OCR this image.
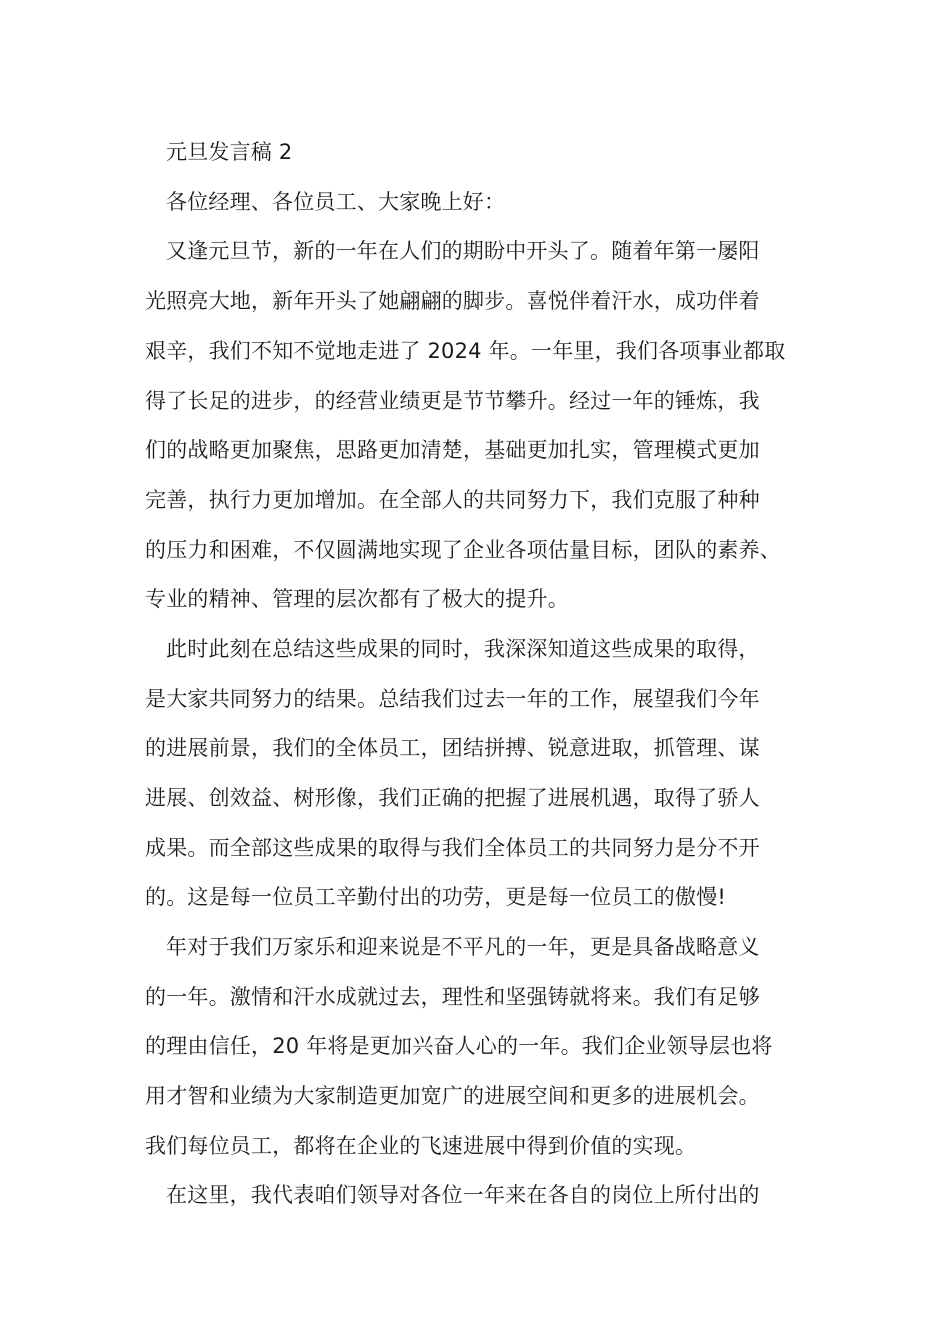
元旦发言稿 2
各位经理、各位员工、大家晚上好：
又逢元旦节，新的一年在人们的期盼中开头了。随着年第一屡阳
光照亮大地，新年开头了她翩翩的脚步。喜悦伴着汗水，成功伴着
艰辛，我们不知不觉地走进了 2024 年。一年里，我们各项事业都取
得了长足的进步，的经营业绩更是节节攀升。经过一年的锤炼，我
们的战略更加聚焦，思路更加清楚，基础更加扎实，管理模式更加
完善，执行力更加增加。在全部人的共同努力下，我们克服了种种
的压力和困难，不仅圆满地实现了企业各项估量目标，团队的素养、
专业的精神、管理的层次都有了极大的提升。
此时此刻在总结这些成果的同时，我深深知道这些成果的取得，
是大家共同努力的结果。总结我们过去一年的工作，展望我们今年
的进展前景，我们的全体员工，团结拼搏、锐意进取，抓管理、谋
进展、创效益、树形像，我们正确的把握了进展机遇，取得了骄人
成果。而全部这些成果的取得与我们全体员工的共同努力是分不开
的。这是每一位员工辛勤付出的功劳，更是每一位员工的傲慢!
年对于我们万家乐和迎来说是不平凡的一年，更是具备战略意义
的一年。激情和汗水成就过去，理性和坚强铸就将来。我们有足够
的理由信任，20 年将是更加兴奋人心的一年。我们企业领导层也将
用才智和业绩为大家制造更加宽广的进展空间和更多的进展机会。
我们每位员工，都将在企业的飞速进展中得到价值的实现。
在这里，我代表咱们领导对各位一年来在各自的岗位上所付出的
